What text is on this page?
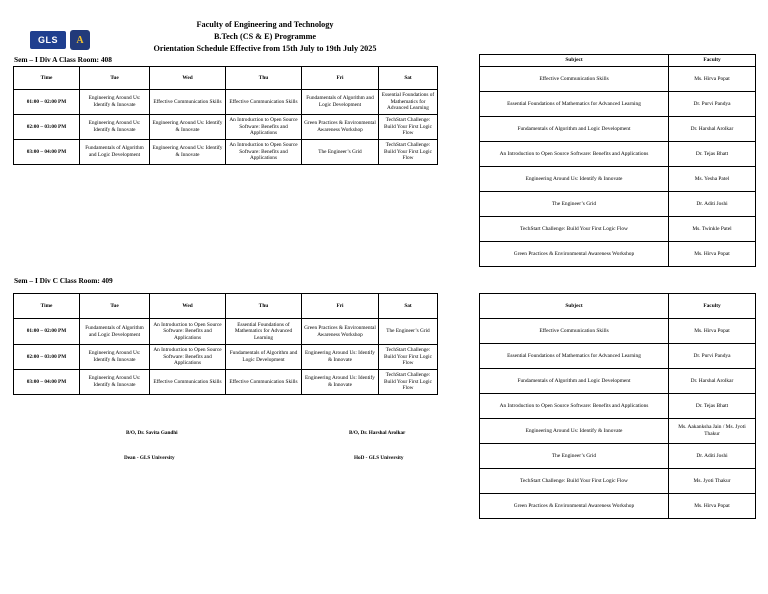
GLS	A
Faculty of Engineering and Technology
B.Tech (CS & E) Programme
Orientation Schedule Effective from 15th July to 19th July 2025
Sem – I Div A Class Room: 408
Time	Tue	Wed	Thu	Fri	Sat
01:00 – 02:00 PM	Engineering Around Us: Identify & Innovate	Effective Communication Skills	Effective Communication Skills	Fundamentals of Algorithm and Logic Development	Essential Foundations of Mathematics for Advanced Learning
02:00 – 03:00 PM	Engineering Around Us: Identify & Innovate	Engineering Around Us: Identify & Innovate	An Introduction to Open Source Software: Benefits and Applications	Green Practices & Environmental Awareness Workshop	TechStart Challenge: Build Your First Logic Flow
03:00 – 04:00 PM	Fundamentals of Algorithm and Logic Development	Engineering Around Us: Identify & Innovate	An Introduction to Open Source Software: Benefits and Applications	The Engineer’s Grid	TechStart Challenge: Build Your First Logic Flow
Subject	Faculty
Effective Communication Skills	Ms. Hirva Popat
Essential Foundations of Mathematics for Advanced Learning	Dr. Purvi Pandya
Fundamentals of Algorithm and Logic Development	Dr. Harshal Arolkar
An Introduction to Open Source Software: Benefits and Applications	Dr. Tejas Bhatt
Engineering Around Us: Identify & Innovate	Ms. Yesha Patel
The Engineer’s Grid	Dr. Aditi Joshi
TechStart Challenge: Build Your First Logic Flow	Ms. Twinkle Patel
Green Practices & Environmental Awareness Workshop	Ms. Hirva Popat
Sem – I Div C Class Room: 409
Time	Tue	Wed	Thu	Fri	Sat
01:00 – 02:00 PM	Fundamentals of Algorithm and Logic Development	An Introduction to Open Source Software: Benefits and Applications	Essential Foundations of Mathematics for Advanced Learning	Green Practices & Environmental Awareness Workshop	The Engineer’s Grid
02:00 – 03:00 PM	Engineering Around Us: Identify & Innovate	An Introduction to Open Source Software: Benefits and Applications	Fundamentals of Algorithm and Logic Development	Engineering Around Us: Identify & Innovate	TechStart Challenge: Build Your First Logic Flow
03:00 – 04:00 PM	Engineering Around Us: Identify & Innovate	Effective Communication Skills	Effective Communication Skills	Engineering Around Us: Identify & Innovate	TechStart Challenge: Build Your First Logic Flow
Subject	Faculty
Effective Communication Skills	Ms. Hirva Popat
Essential Foundations of Mathematics for Advanced Learning	Dr. Purvi Pandya
Fundamentals of Algorithm and Logic Development	Dr. Harshal Arolkar
An Introduction to Open Source Software: Benefits and Applications	Dr. Tejas Bhatt
Engineering Around Us: Identify & Innovate	Ms. Aakanksha Jain / Ms. Jyoti Thakur
The Engineer’s Grid	Dr. Aditi Joshi
TechStart Challenge: Build Your First Logic Flow	Ms. Jyoti Thakur
Green Practices & Environmental Awareness Workshop	Ms. Hirva Popat
B/O, Dr. Savita Gandhi
Dean - GLS University
B/O, Dr. Harshal Arolkar
HoD - GLS University
